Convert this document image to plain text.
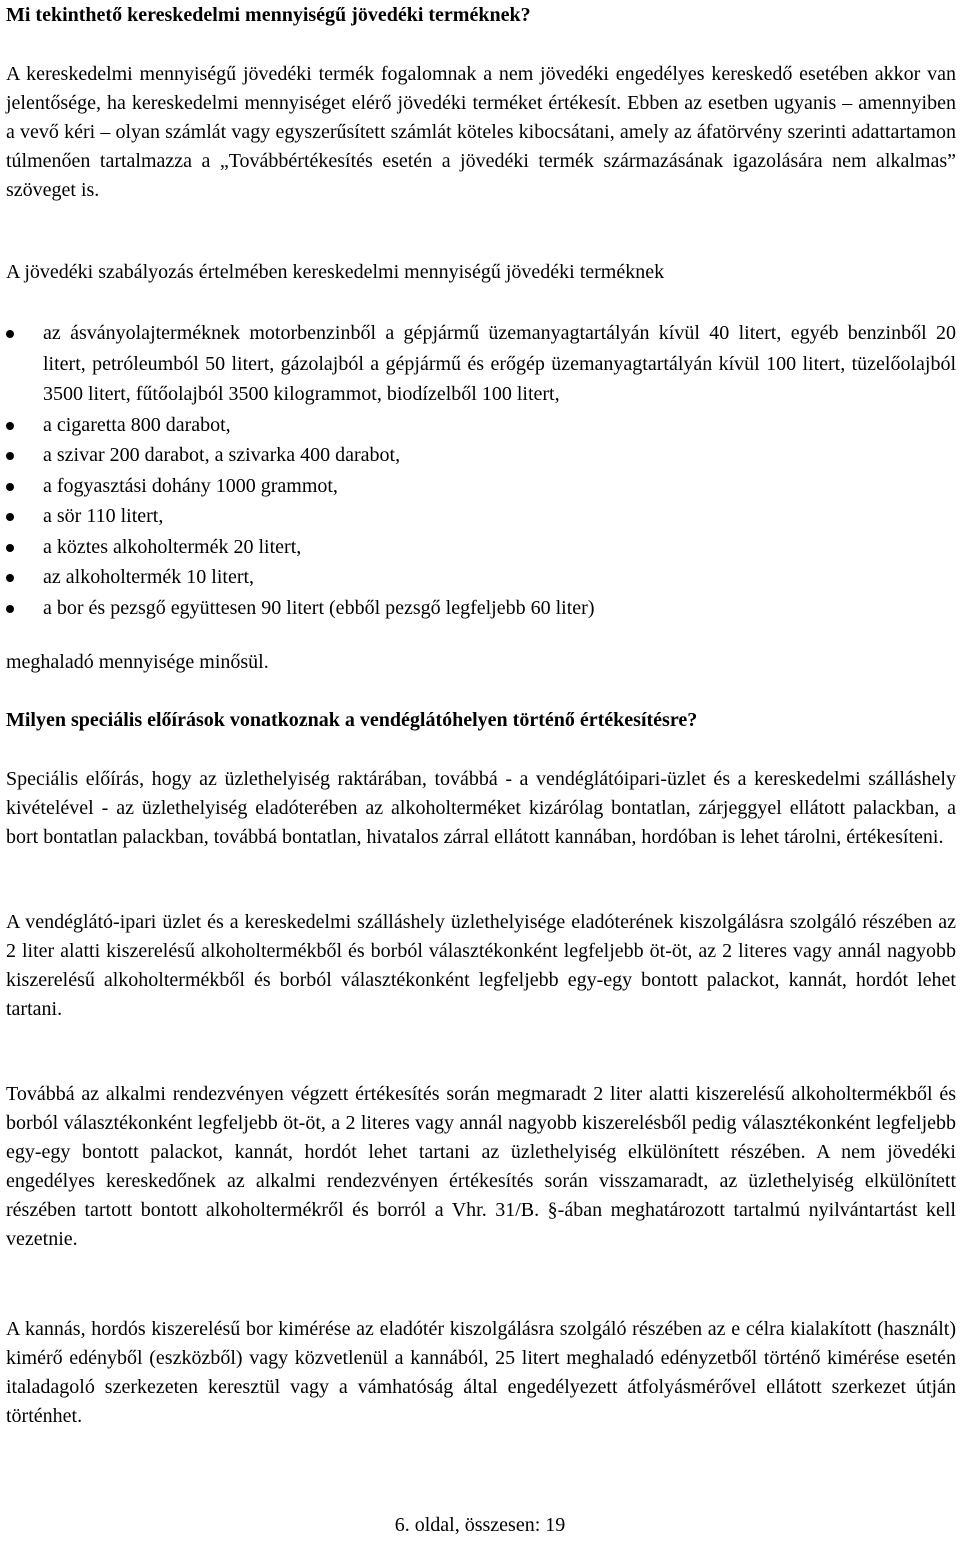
Mi tekinthető kereskedelmi mennyiségű jövedéki terméknek?

A kereskedelmi mennyiségű jövedéki termék fogalomnak a nem jövedéki engedélyes kereskedő esetében akkor van jelentősége, ha kereskedelmi mennyiséget elérő jövedéki terméket értékesít. Ebben az esetben ugyanis – amennyiben a vevő kéri – olyan számlát vagy egyszerűsített számlát köteles kibocsátani, amely az áfatörvény szerinti adattartamon túlmenően tartalmazza a „Továbbértékesítés esetén a jövedéki termék származásának igazolására nem alkalmas” szöveget is.

A jövedéki szabályozás értelmében kereskedelmi mennyiségű jövedéki terméknek

az ásványolajterméknek motorbenzinből a gépjármű üzemanyagtartályán kívül 40 litert, egyéb benzinből 20 litert, petróleumból 50 litert, gázolajból a gépjármű és erőgép üzemanyagtartályán kívül 100 litert, tüzelőolajból 3500 litert, fűtőolajból 3500 kilogrammot, biodízelből 100 litert,
a cigaretta 800 darabot,
a szivar 200 darabot, a szivarka 400 darabot,
a fogyasztási dohány 1000 grammot,
a sör 110 litert,
a köztes alkoholtermék 20 litert,
az alkoholtermék 10 litert,
a bor és pezsgő együttesen 90 litert (ebből pezsgő legfeljebb 60 liter)

meghaladó mennyisége minősül.

Milyen speciális előírások vonatkoznak a vendéglátóhelyen történő értékesítésre?

Speciális előírás, hogy az üzlethelyiség raktárában, továbbá - a vendéglátóipari-üzlet és a kereskedelmi szálláshely kivételével - az üzlethelyiség eladóterében az alkoholterméket kizárólag bontatlan, zárjeggyel ellátott palackban, a bort bontatlan palackban, továbbá bontatlan, hivatalos zárral ellátott kannában, hordóban is lehet tárolni, értékesíteni.

A vendéglátó-ipari üzlet és a kereskedelmi szálláshely üzlethelyisége eladóterének kiszolgálásra szolgáló részében az 2 liter alatti kiszerelésű alkoholtermékből és borból választékonként legfeljebb öt-öt, az 2 literes vagy annál nagyobb kiszerelésű alkoholtermékből és borból választékonként legfeljebb egy-egy bontott palackot, kannát, hordót lehet tartani.

Továbbá az alkalmi rendezvényen végzett értékesítés során megmaradt 2 liter alatti kiszerelésű alkoholtermékből és borból választékonként legfeljebb öt-öt, a 2 literes vagy annál nagyobb kiszerelésből pedig választékonként legfeljebb egy-egy bontott palackot, kannát, hordót lehet tartani az üzlethelyiség elkülönített részében. A nem jövedéki engedélyes kereskedőnek az alkalmi rendezvényen értékesítés során visszamaradt, az üzlethelyiség elkülönített részében tartott bontott alkoholtermékről és borról a Vhr. 31/B. §-ában meghatározott tartalmú nyilvántartást kell vezetnie.

A kannás, hordós kiszerelésű bor kimérése az eladótér kiszolgálásra szolgáló részében az e célra kialakított (használt) kimérő edényből (eszközből) vagy közvetlenül a kannából, 25 litert meghaladó edényzetből történő kimérése esetén italadagoló szerkezeten keresztül vagy a vámhatóság által engedélyezett átfolyásmérővel ellátott szerkezet útján történhet.

6. oldal, összesen: 19
